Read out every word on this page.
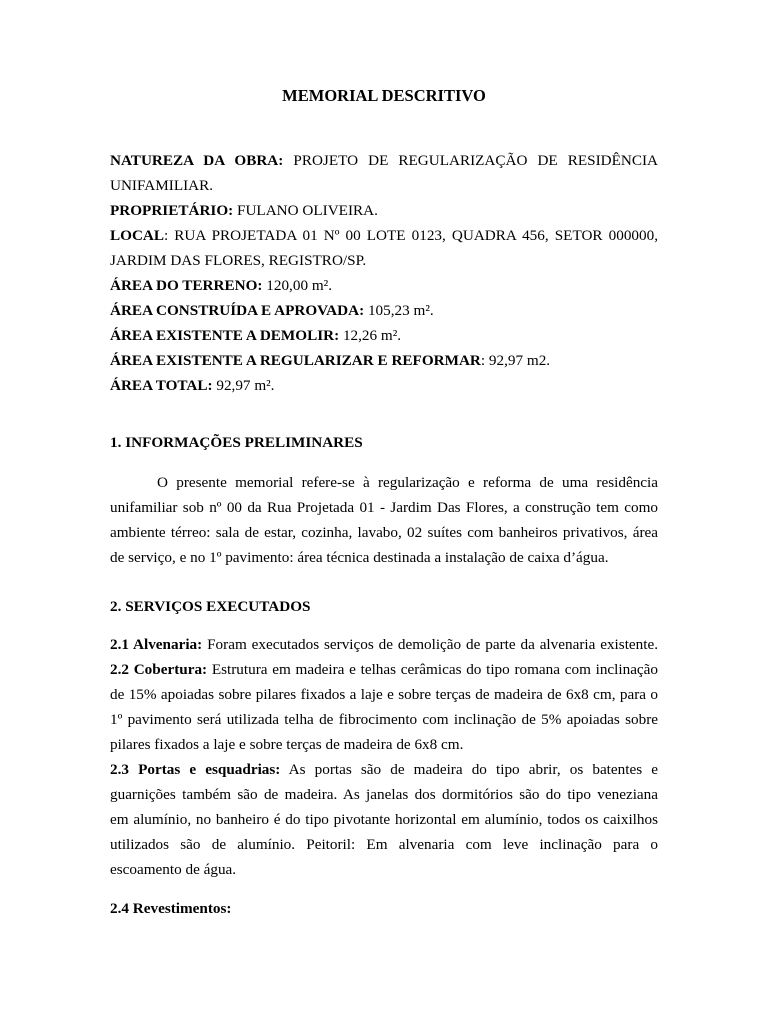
MEMORIAL DESCRITIVO
NATUREZA DA OBRA: PROJETO DE REGULARIZAÇÃO DE RESIDÊNCIA
UNIFAMILIAR.
PROPRIETÁRIO: FULANO OLIVEIRA.
LOCAL: RUA PROJETADA 01 Nº 00 LOTE 0123, QUADRA 456, SETOR 000000,
JARDIM DAS FLORES, REGISTRO/SP.
ÁREA DO TERRENO: 120,00 m².
ÁREA CONSTRUÍDA E APROVADA: 105,23 m².
ÁREA EXISTENTE A DEMOLIR: 12,26 m².
ÁREA EXISTENTE A REGULARIZAR E REFORMAR: 92,97 m2.
ÁREA TOTAL: 92,97 m².
1. INFORMAÇÕES PRELIMINARES
O presente memorial refere-se à regularização e reforma de uma residência
unifamiliar sob nº 00 da Rua Projetada 01 - Jardim Das Flores, a construção tem como
ambiente térreo: sala de estar, cozinha, lavabo, 02 suítes com banheiros privativos, área
de serviço, e no 1º pavimento: área técnica destinada a instalação de caixa d’água.
2. SERVIÇOS EXECUTADOS
2.1 Alvenaria: Foram executados serviços de demolição de parte da alvenaria existente.
2.2 Cobertura: Estrutura em madeira e telhas cerâmicas do tipo romana com inclinação
de 15% apoiadas sobre pilares fixados a laje e sobre terças de madeira de 6x8 cm, para o
1º pavimento será utilizada telha de fibrocimento com inclinação de 5% apoiadas sobre
pilares fixados a laje e sobre terças de madeira de 6x8 cm.
2.3 Portas e esquadrias: As portas são de madeira do tipo abrir, os batentes e
guarnições também são de madeira. As janelas dos dormitórios são do tipo veneziana
em alumínio, no banheiro é do tipo pivotante horizontal em alumínio, todos os caixilhos
utilizados são de alumínio. Peitoril: Em alvenaria com leve inclinação para o
escoamento de água.
2.4 Revestimentos:
